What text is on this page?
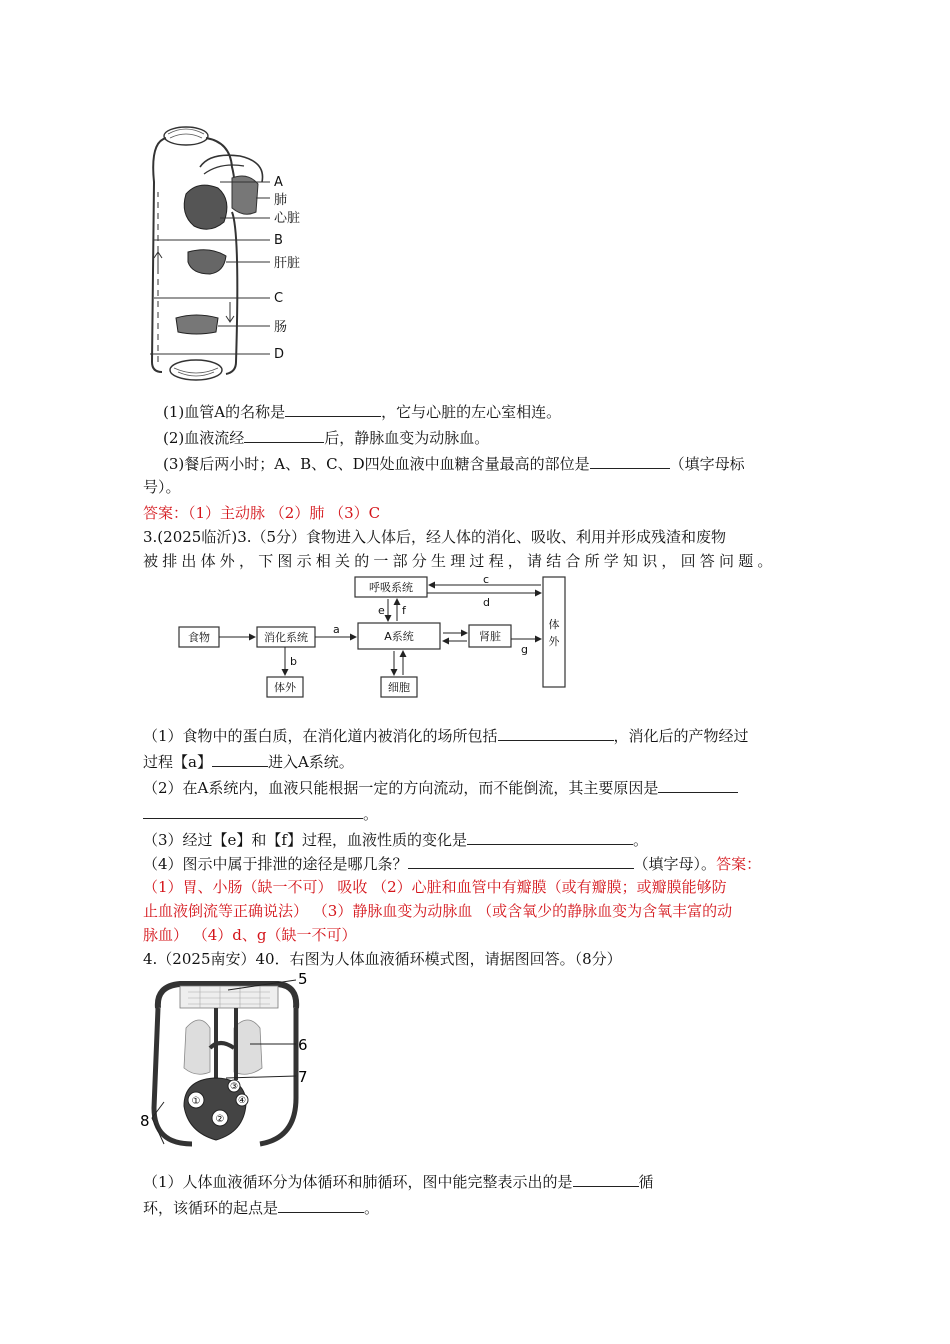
A
肺
心脏
B
肝脏
C
肠
D
(1)血管A的名称是	，它与心脏的左心室相连。
(2)血液流经	后，静脉血变为动脉血。
(3)餐后两小时；A、B、C、D四处血液中血糖含量最高的部位是	（填字母标
号）。
答案：（1）主动脉 （2）肺 （3）C
3.(2025临沂)3.（5分）食物进入人体后，经人体的消化、吸收、利用并形成残渣和废物
被排出体外，下图示相关的一部分生理过程，请结合所学知识，回答问题。
呼吸系统
食物	消化系统	A系统	肾脏
体外	细胞
体
外
a
b
c
d
e f
g
（1）食物中的蛋白质，在消化道内被消化的场所包括	，消化后的产物经过
过程【a】	进入A系统。
（2）在A系统内，血液只能根据一定的方向流动，而不能倒流，其主要原因是
。
（3）经过【e】和【f】过程，血液性质的变化是	。
（4）图示中属于排泄的途径是哪几条？	（填字母）。答案：
（1）胃、小肠（缺一不可） 吸收 （2）心脏和血管中有瓣膜（或有瓣膜；或瓣膜能够防
止血液倒流等正确说法） （3）静脉血变为动脉血 （或含氧少的静脉血变为含氧丰富的动
脉血） （4）d、g（缺一不可）
4.（2025南安）40．右图为人体血液循环模式图，请据图回答。（8分）
①
②
③
④
5
6
7
8
（1）人体血液循环分为体循环和肺循环，图中能完整表示出的是	循
环，该循环的起点是	。
